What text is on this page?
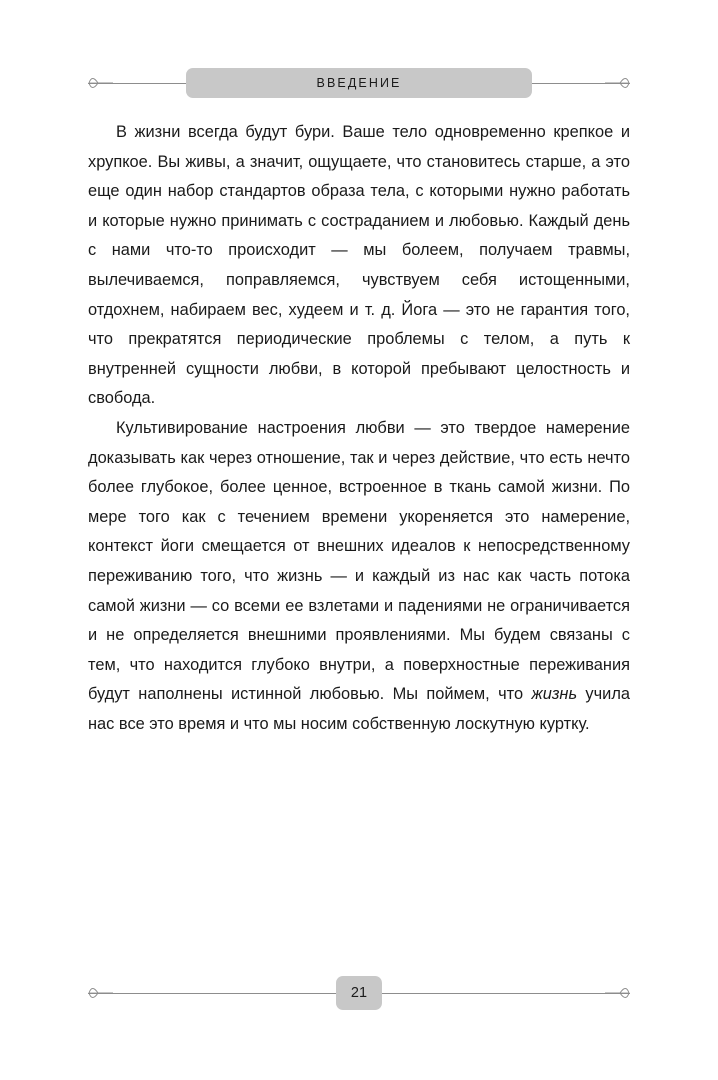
ВВЕДЕНИЕ

В жизни всегда будут бури. Ваше тело одновременно крепкое и хрупкое. Вы живы, а значит, ощущаете, что становитесь старше, а это еще один набор стандартов образа тела, с которыми нужно работать и которые нужно принимать с состраданием и любовью. Каждый день с нами что-то происходит — мы болеем, получаем травмы, вылечиваемся, поправляемся, чувствуем себя истощенными, отдохнем, набираем вес, худеем и т. д. Йога — это не гарантия того, что прекратятся периодические проблемы с телом, а путь к внутренней сущности любви, в которой пребывают целостность и свобода.

Культивирование настроения любви — это твердое намерение доказывать как через отношение, так и через действие, что есть нечто более глубокое, более ценное, встроенное в ткань самой жизни. По мере того как с течением времени укореняется это намерение, контекст йоги смещается от внешних идеалов к непосредственному переживанию того, что жизнь — и каждый из нас как часть потока самой жизни — со всеми ее взлетами и падениями не ограничивается и не определяется внешними проявлениями. Мы будем связаны с тем, что находится глубоко внутри, а поверхностные переживания будут наполнены истинной любовью. Мы поймем, что жизнь учила нас все это время и что мы носим собственную лоскутную куртку.

21
